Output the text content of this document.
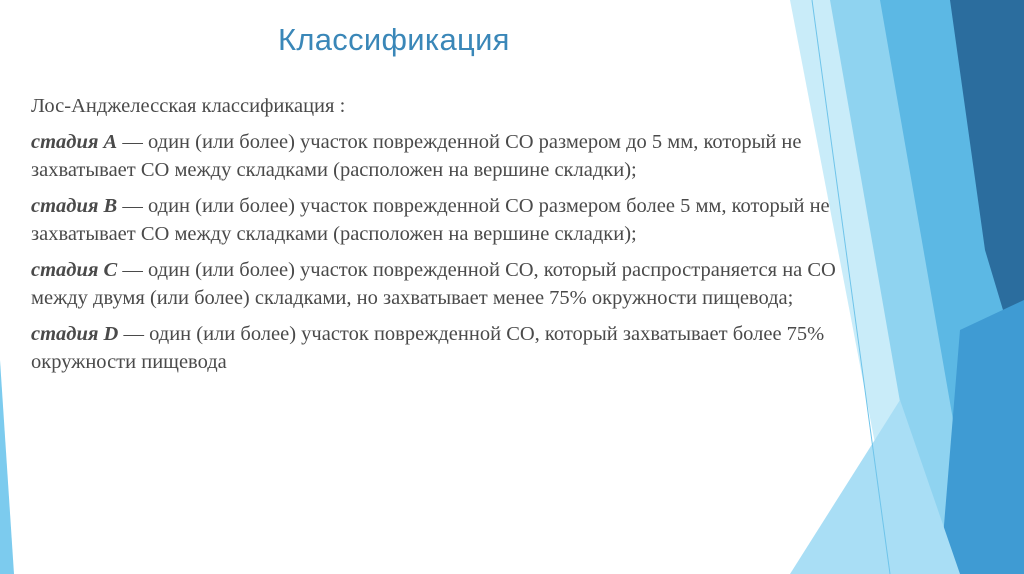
Классификация

Лос-Анджелесская классификация :

стадия А — один (или более) участок поврежденной СО размером до 5 мм, который не захватывает СО между складками (расположен на вершине складки);

стадия В — один (или более) участок поврежденной СО размером более 5 мм, который не захватывает СО между складками (расположен на вершине складки);

стадия С — один (или более) участок поврежденной СО, который распространяется на СО между двумя (или более) складками, но захватывает менее 75% окружности пищевода;

стадия D — один (или более) участок поврежденной СО, который захватывает более 75% окружности пищевода
